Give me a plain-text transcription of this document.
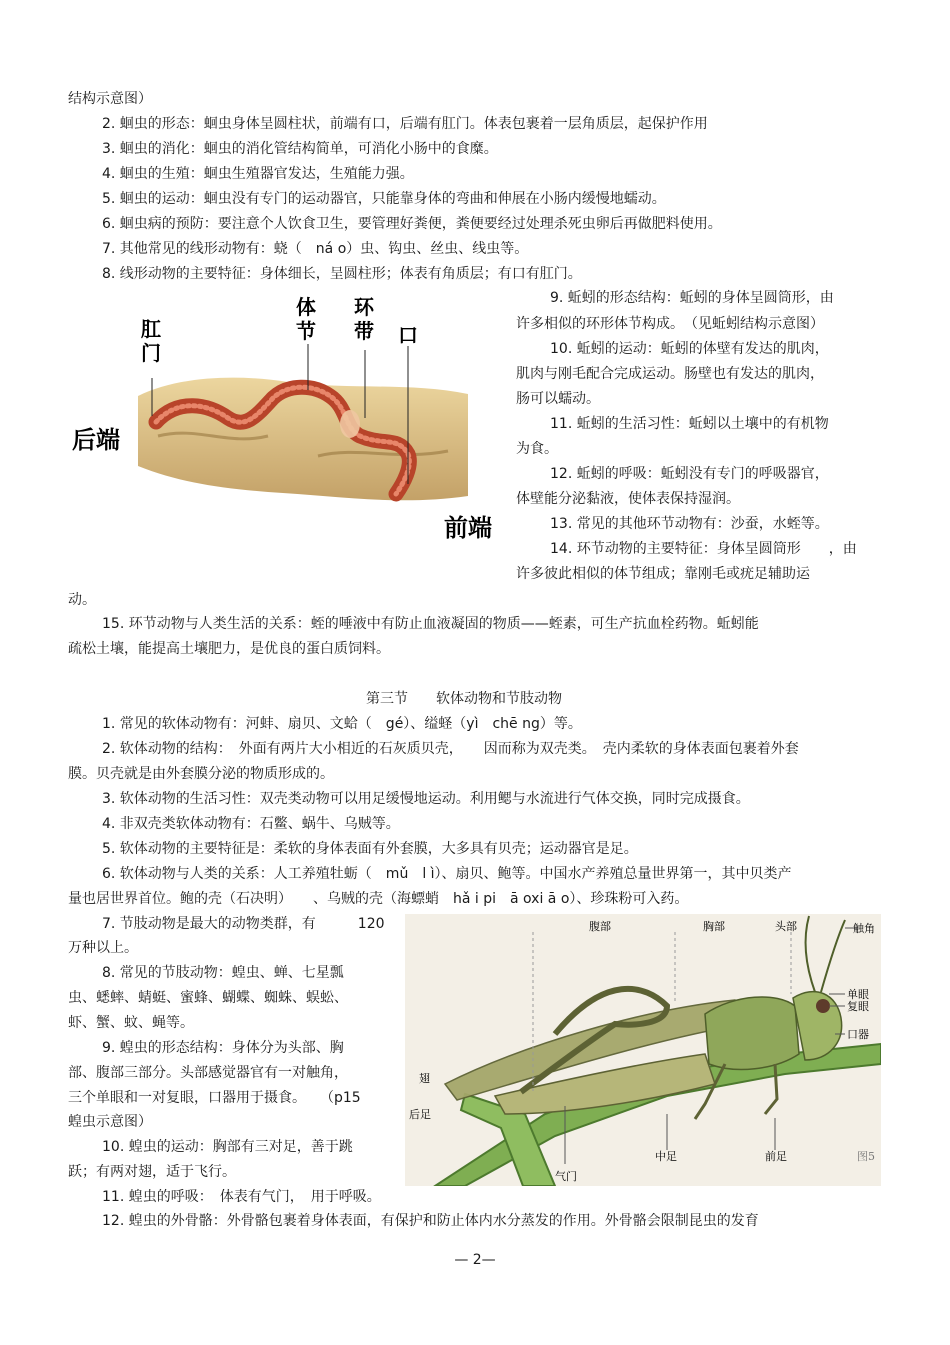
结构示意图）
2. 蛔虫的形态：蛔虫身体呈圆柱状，前端有口，后端有肛门。体表包裹着一层角质层，起保护作用
3. 蛔虫的消化：蛔虫的消化管结构简单，可消化小肠中的食糜。
4. 蛔虫的生殖：蛔虫生殖器官发达，生殖能力强。
5. 蛔虫的运动：蛔虫没有专门的运动器官，只能靠身体的弯曲和伸展在小肠内缓慢地蠕动。
6. 蛔虫病的预防：要注意个人饮食卫生，要管理好粪便，粪便要经过处理杀死虫卵后再做肥料使用。
7. 其他常见的线形动物有：蛲（　ná o）虫、钩虫、丝虫、线虫等。
8. 线形动物的主要特征：身体细长，呈圆柱形；体表有角质层；有口有肛门。
肛
门
体
节
环
带 口
后端
前端
9. 蚯蚓的形态结构：蚯蚓的身体呈圆筒形，由
许多相似的环形体节构成。　（见蚯蚓结构示意图）
10. 蚯蚓的运动：蚯蚓的体壁有发达的肌肉，
肌肉与刚毛配合完成运动。肠壁也有发达的肌肉，
肠可以蠕动。
11. 蚯蚓的生活习性：蚯蚓以土壤中的有机物
为食。
12. 蚯蚓的呼吸：蚯蚓没有专门的呼吸器官，
体壁能分泌黏液，使体表保持湿润。
13. 常见的其他环节动物有：沙蚕，水蛭等。
14. 环节动物的主要特征：身体呈圆筒形　　，由
许多彼此相似的体节组成；靠刚毛或疣足辅助运
动。
15. 环节动物与人类生活的关系：蛭的唾液中有防止血液凝固的物质——蛭素，可生产抗血栓药物。蚯蚓能
疏松土壤，能提高土壤肥力，是优良的蛋白质饲料。
第三节　　软体动物和节肢动物
1. 常见的软体动物有：河蚌、扇贝、文蛤（　gé）、缢蛏（yì　chē ng）等。
2. 软体动物的结构：　外面有两片大小相近的石灰质贝壳，　　因而称为双壳类。　壳内柔软的身体表面包裹着外套
膜。贝壳就是由外套膜分泌的物质形成的。
3. 软体动物的生活习性：双壳类动物可以用足缓慢地运动。利用鳃与水流进行气体交换，同时完成摄食。
4. 非双壳类软体动物有：石鳖、蜗牛、乌贼等。
5. 软体动物的主要特征是：柔软的身体表面有外套膜，大多具有贝壳；运动器官是足。
6. 软体动物与人类的关系：人工养殖牡蛎（　mǔ　l ì）、扇贝、鲍等。中国水产养殖总量世界第一，其中贝类产
量也居世界首位。鲍的壳（石决明）　　、乌贼的壳（海螵蛸　hǎ i pi　ā oxi ā o）、珍珠粉可入药。
7. 节肢动物是最大的动物类群，有　　　120
万种以上。
8. 常见的节肢动物：蝗虫、蝉、七星瓢
虫、蟋蟀、蜻蜓、蜜蜂、蝴蝶、蜘蛛、蜈蚣、
虾、蟹、蚊、蝇等。
9. 蝗虫的形态结构：身体分为头部、胸
部、腹部三部分。头部感觉器官有一对触角，
三个单眼和一对复眼，口器用于摄食。　　（p15
蝗虫示意图）
10. 蝗虫的运动：胸部有三对足，善于跳
跃；有两对翅，适于飞行。
腹部	胸部	头部	触角
单眼
复眼
口器
翅
后足
中足	前足
气门
图5
11. 蝗虫的呼吸：　体表有气门，　用于呼吸。
12. 蝗虫的外骨骼：外骨骼包裹着身体表面，有保护和防止体内水分蒸发的作用。外骨骼会限制昆虫的发育
— 2—
